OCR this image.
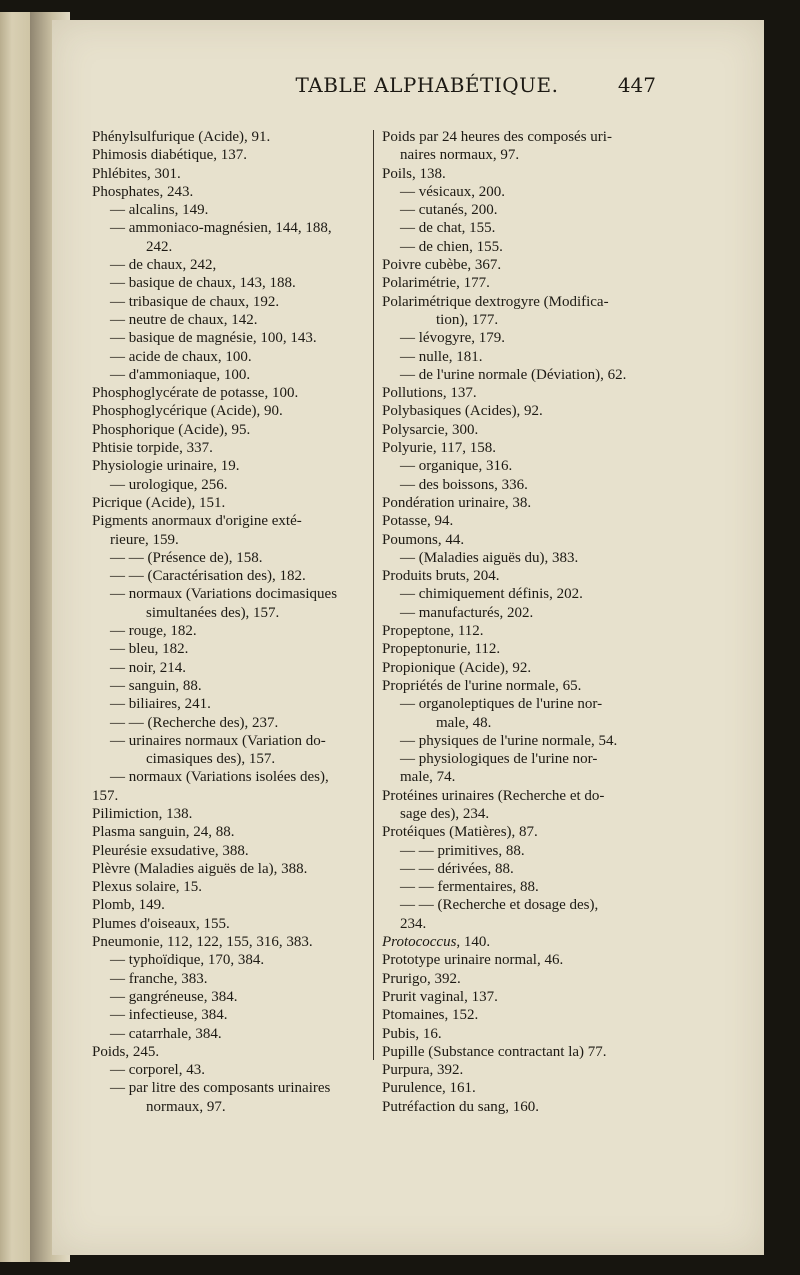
TABLE ALPHABÉTIQUE.	447

Phénylsulfurique (Acide), 91.

Phimosis diabétique, 137.

Phlébites, 301.

Phosphates, 243.

— alcalins, 149.

— ammoniaco-magnésien, 144, 188,

242.

— de chaux, 242,

— basique de chaux, 143, 188.

— tribasique de chaux, 192.

— neutre de chaux, 142.

— basique de magnésie, 100, 143.

— acide de chaux, 100.

— d'ammoniaque, 100.

Phosphoglycérate de potasse, 100.

Phosphoglycérique (Acide), 90.

Phosphorique (Acide), 95.

Phtisie torpide, 337.

Physiologie urinaire, 19.

— urologique, 256.

Picrique (Acide), 151.

Pigments anormaux d'origine exté-

rieure, 159.

— — (Présence de), 158.

— — (Caractérisation des), 182.

— normaux (Variations docimasiques

simultanées des), 157.

— rouge, 182.

— bleu, 182.

— noir, 214.

— sanguin, 88.

— biliaires, 241.

— — (Recherche des), 237.

— urinaires normaux (Variation do-

cimasiques des), 157.

— normaux (Variations isolées des),

157.

Pilimiction, 138.

Plasma sanguin, 24, 88.

Pleurésie exsudative, 388.

Plèvre (Maladies aiguës de la), 388.

Plexus solaire, 15.

Plomb, 149.

Plumes d'oiseaux, 155.

Pneumonie, 112, 122, 155, 316, 383.

— typhoïdique, 170, 384.

— franche, 383.

— gangréneuse, 384.

— infectieuse, 384.

— catarrhale, 384.

Poids, 245.

— corporel, 43.

— par litre des composants urinaires

normaux, 97.

Poids par 24 heures des composés uri-

naires normaux, 97.

Poils, 138.

— vésicaux, 200.

— cutanés, 200.

— de chat, 155.

— de chien, 155.

Poivre cubèbe, 367.

Polarimétrie, 177.

Polarimétrique dextrogyre (Modifica-

tion), 177.

— lévogyre, 179.

— nulle, 181.

— de l'urine normale (Déviation), 62.

Pollutions, 137.

Polybasiques (Acides), 92.

Polysarcie, 300.

Polyurie, 117, 158.

— organique, 316.

— des boissons, 336.

Pondération urinaire, 38.

Potasse, 94.

Poumons, 44.

— (Maladies aiguës du), 383.

Produits bruts, 204.

— chimiquement définis, 202.

— manufacturés, 202.

Propeptone, 112.

Propeptonurie, 112.

Propionique (Acide), 92.

Propriétés de l'urine normale, 65.

— organoleptiques de l'urine nor-

male, 48.

— physiques de l'urine normale, 54.

— physiologiques de l'urine nor-

male, 74.

Protéines urinaires (Recherche et do-

sage des), 234.

Protéiques (Matières), 87.

— — primitives, 88.

— — dérivées, 88.

— — fermentaires, 88.

— — (Recherche et dosage des),

234.

Protococcus, 140.

Prototype urinaire normal, 46.

Prurigo, 392.

Prurit vaginal, 137.

Ptomaines, 152.

Pubis, 16.

Pupille (Substance contractant la) 77.

Purpura, 392.

Purulence, 161.

Putréfaction du sang, 160.
